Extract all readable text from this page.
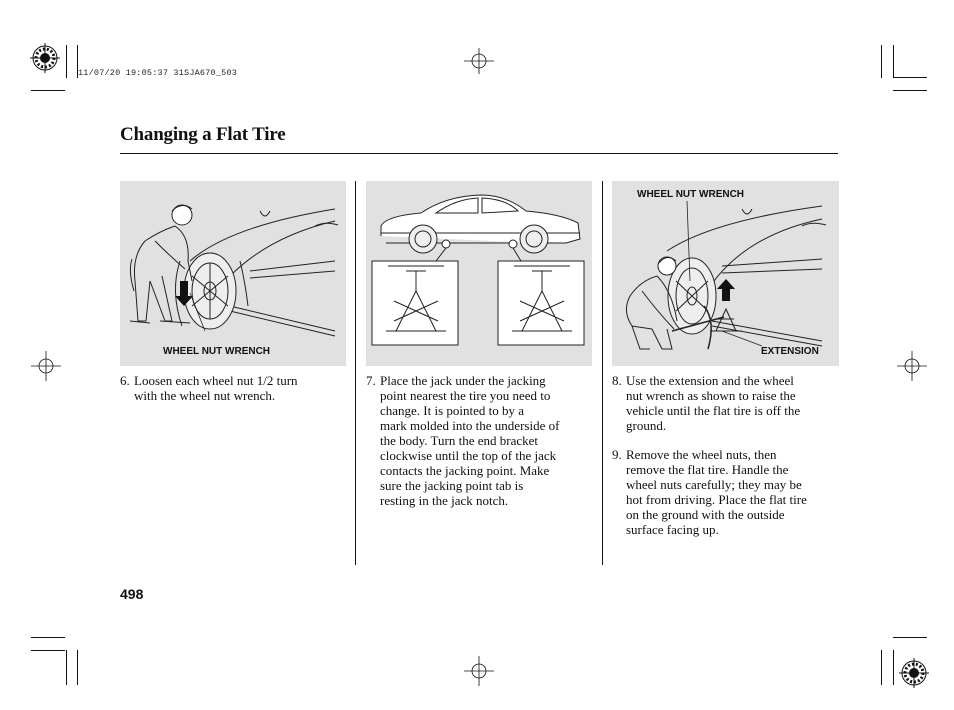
11/07/20 19:05:37 31SJA670_503
Changing a Flat Tire
WHEEL NUT WRENCH
WHEEL NUT WRENCH
EXTENSION
6. Loosen each wheel nut 1/2 turn
with the wheel nut wrench.
7. Place the jack under the jacking
point nearest the tire you need to
change. It is pointed to by a
mark molded into the underside of
the body. Turn the end bracket
clockwise until the top of the jack
contacts the jacking point. Make
sure the jacking point tab is
resting in the jack notch.
8. Use the extension and the wheel
nut wrench as shown to raise the
vehicle until the flat tire is off the
ground.
9. Remove the wheel nuts, then
remove the flat tire. Handle the
wheel nuts carefully; they may be
hot from driving. Place the flat tire
on the ground with the outside
surface facing up.
498
